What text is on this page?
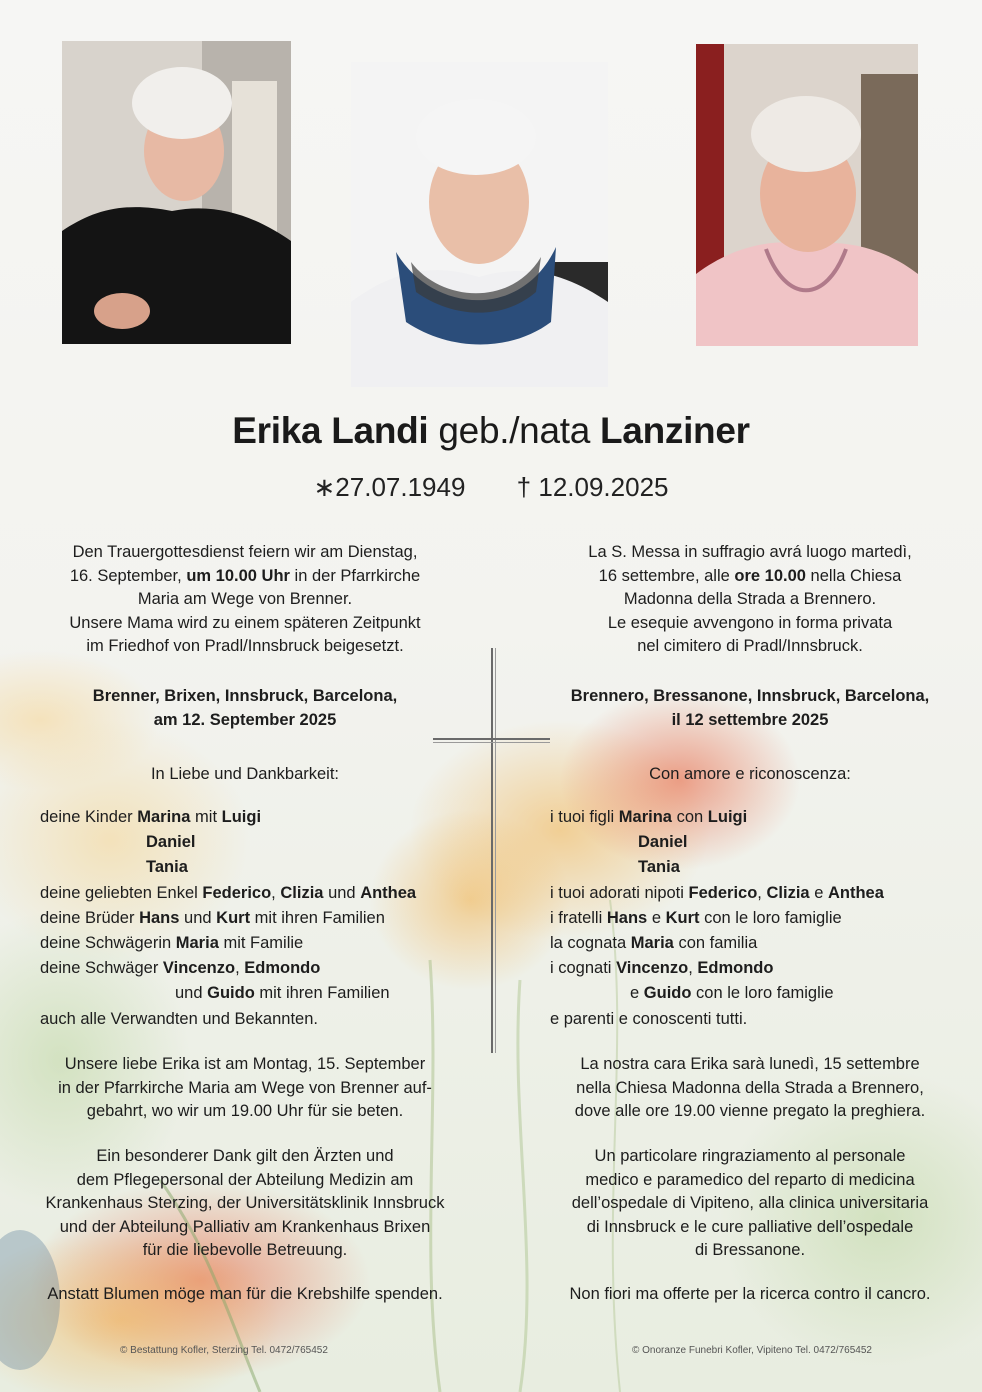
Erika Landi geb./nata Lanziner
∗27.07.1949 † 12.09.2025
Den Trauergottesdienst feiern wir am Dienstag,
16. September, um 10.00 Uhr in der Pfarrkirche
Maria am Wege von Brenner.
Unsere Mama wird zu einem späteren Zeitpunkt
im Friedhof von Pradl/Innsbruck beigesetzt.
Brenner, Brixen, Innsbruck, Barcelona,
am 12. September 2025
In Liebe und Dankbarkeit:
deine Kinder Marina mit Luigi
Daniel
Tania
deine geliebten Enkel Federico, Clizia und Anthea
deine Brüder Hans und Kurt mit ihren Familien
deine Schwägerin Maria mit Familie
deine Schwäger Vincenzo, Edmondo
und Guido mit ihren Familien
auch alle Verwandten und Bekannten.
Unsere liebe Erika ist am Montag, 15. September
in der Pfarrkirche Maria am Wege von Brenner auf-
gebahrt, wo wir um 19.00 Uhr für sie beten.
Ein besonderer Dank gilt den Ärzten und
dem Pflegepersonal der Abteilung Medizin am
Krankenhaus Sterzing, der Universitätsklinik Innsbruck
und der Abteilung Palliativ am Krankenhaus Brixen
für die liebevolle Betreuung.
Anstatt Blumen möge man für die Krebshilfe spenden.
© Bestattung Kofler, Sterzing Tel. 0472/765452
La S. Messa in suffragio avrá luogo martedì,
16 settembre, alle ore 10.00 nella Chiesa
Madonna della Strada a Brennero.
Le esequie avvengono in forma privata
nel cimitero di Pradl/Innsbruck.
Brennero, Bressanone, Innsbruck, Barcelona,
il 12 settembre 2025
Con amore e riconoscenza:
i tuoi figli Marina con Luigi
Daniel
Tania
i tuoi adorati nipoti Federico, Clizia e Anthea
i fratelli Hans e Kurt con le loro famiglie
la cognata Maria con familia
i cognati Vincenzo, Edmondo
e Guido con le loro famiglie
e parenti e conoscenti tutti.
La nostra cara Erika sarà lunedì, 15 settembre
nella Chiesa Madonna della Strada a Brennero,
dove alle ore 19.00 vienne pregato la preghiera.
Un particolare ringraziamento al personale
medico e paramedico del reparto di medicina
dell’ospedale di Vipiteno, alla clinica universitaria
di Innsbruck e le cure palliative dell’ospedale
di Bressanone.
Non fiori ma offerte per la ricerca contro il cancro.
© Onoranze Funebri Kofler, Vipiteno Tel. 0472/765452
